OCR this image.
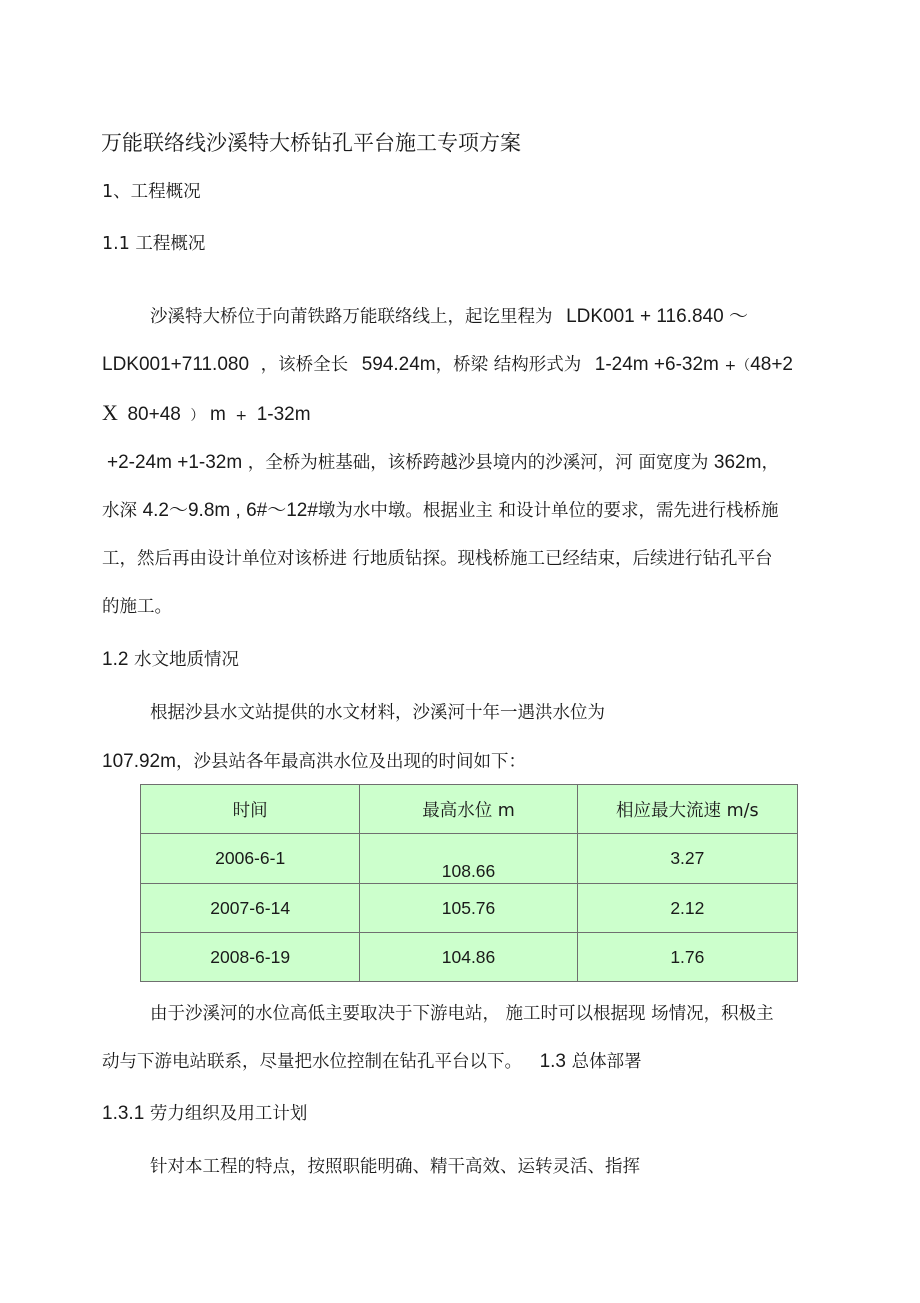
万能联络线沙溪特大桥钻孔平台施工专项方案
1、工程概况
1.1 工程概况
沙溪特大桥位于向莆铁路万能联络线上，起讫里程为 LDK001 + 116.840 ～
LDK001+711.080 ，该桥全长 594.24m，桥梁 结构形式为 1-24m +6-32m +（48+2
X 80+48 ） m + 1-32m
+2-24m +1-32m ，全桥为桩基础，该桥跨越沙县境内的沙溪河，河 面宽度为 362m，
水深 4.2～9.8m , 6#～12#墩为水中墩。根据业主 和设计单位的要求，需先进行栈桥施
工，然后再由设计单位对该桥进 行地质钻探。现栈桥施工已经结束，后续进行钻孔平台
的施工。
1.2 水文地质情况
根据沙县水文站提供的水文材料，沙溪河十年一遇洪水位为
107.92m，沙县站各年最高洪水位及出现的时间如下：
时间	最高水位 m	相应最大流速 m/s
2006-6-1	108.66	3.27
2007-6-14	105.76	2.12
2008-6-19	104.86	1.76
由于沙溪河的水位高低主要取决于下游电站， 施工时可以根据现 场情况，积极主
动与下游电站联系，尽量把水位控制在钻孔平台以下。 1.3 总体部署
1.3.1 劳力组织及用工计划
针对本工程的特点，按照职能明确、精干高效、运转灵活、指挥
